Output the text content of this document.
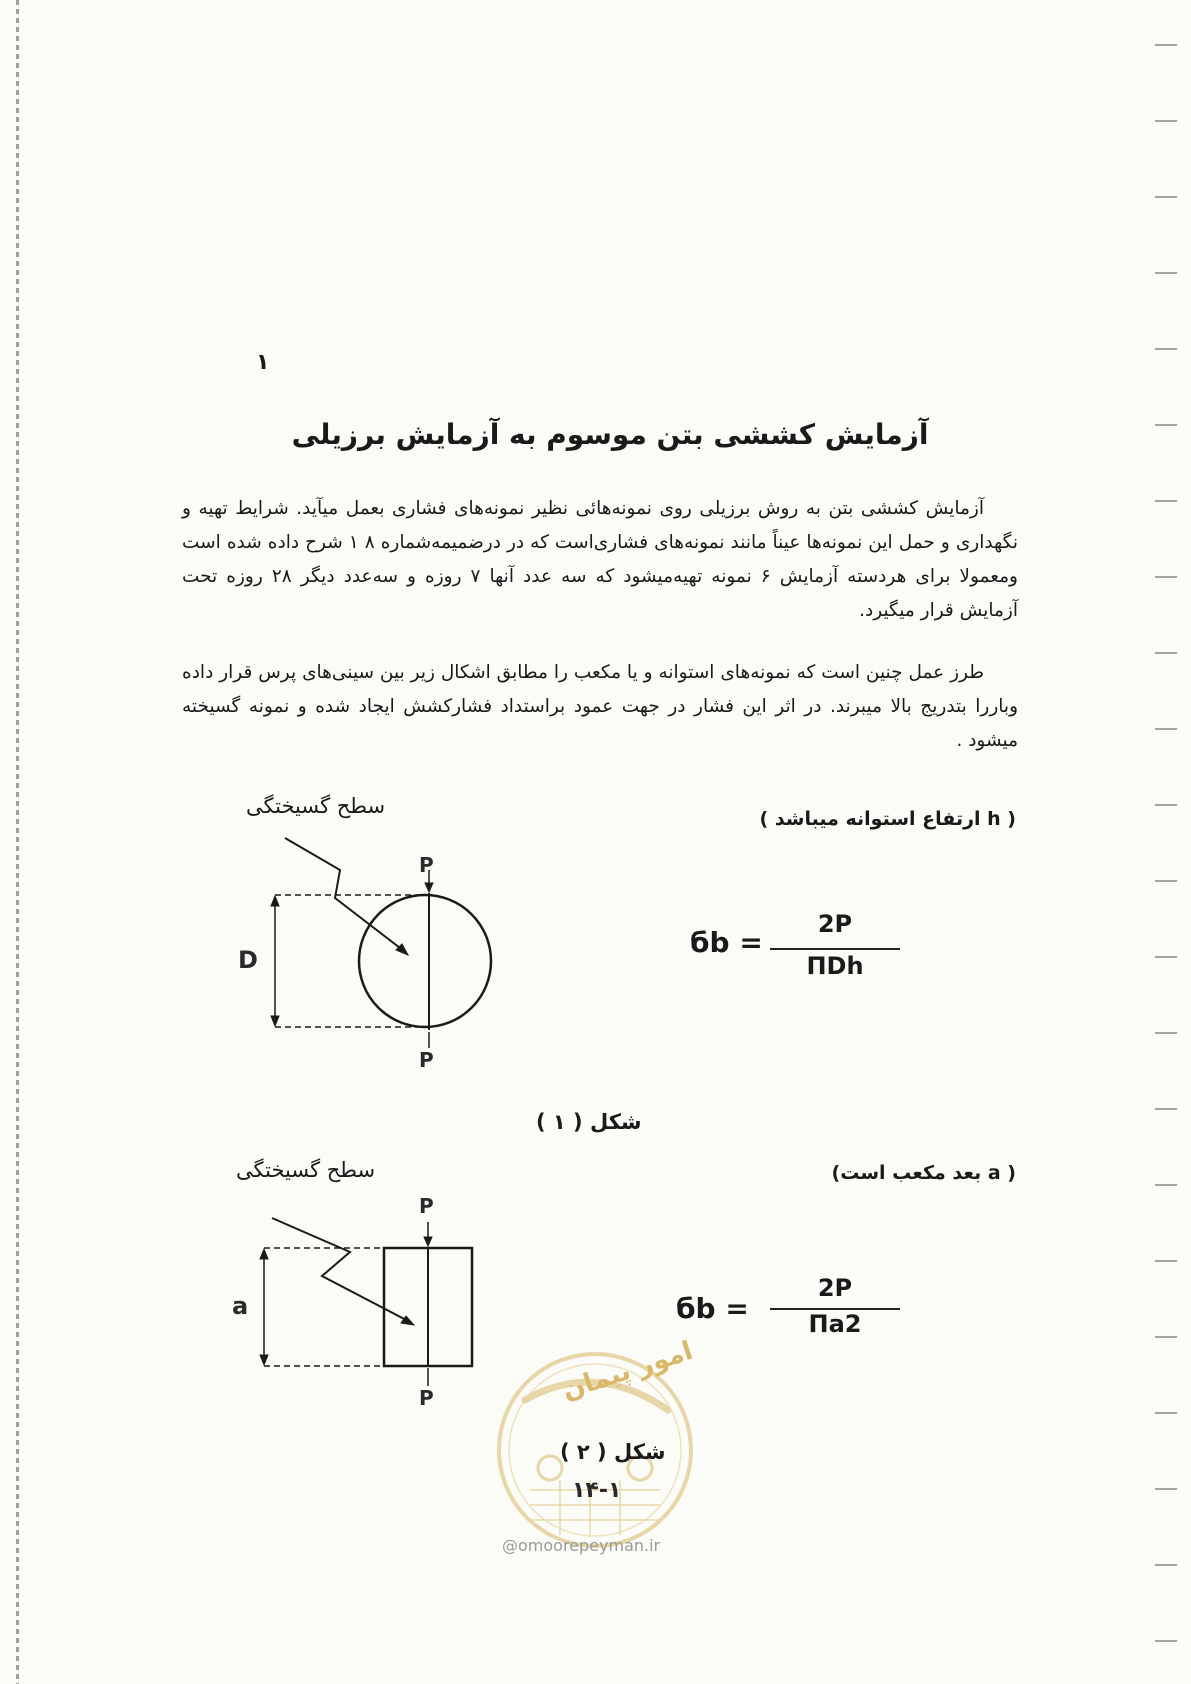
۱
آزمایش کششی بتن موسوم به آزمایش برزیلی

آزمایش کششی بتن به روش برزیلی روی نمونه‌هائی نظیر نمونه‌های فشاری بعمل میآید. شرایط تهیه و نگهداری و حمل این نمونه‌ها عیناً مانند نمونه‌های فشاری‌است که در درضمیمه‌شماره ۸ ۱ شرح داده شده است ومعمولا برای هردسته آزمایش ۶ نمونه تهیه‌میشود که سه عدد آنها ۷ روزه و سه‌عدد دیگر ۲۸ روزه تحت آزمایش قرار میگیرد.

طرز عمل چنین است که نمونه‌های استوانه و یا مکعب را مطابق اشکال زیر بین سینی‌های پرس قرار داده وباررا بتدریج بالا میبرند. در اثر این فشار در جهت عمود براستداد فشارکشش ایجاد شده و نمونه گسیخته میشود .

( h ارتفاع استوانه میباشد )
سطح گسیختگی
P
P
D
бb =
2P
ΠDh
شکل ( ۱ )
( a بعد مکعب است)
سطح گسیختگی
P
P
a	бb =
2P
Πa2
امور پیمان
شکل ( ۲ )
۱۴-۱
@omoorepeyman.ir
